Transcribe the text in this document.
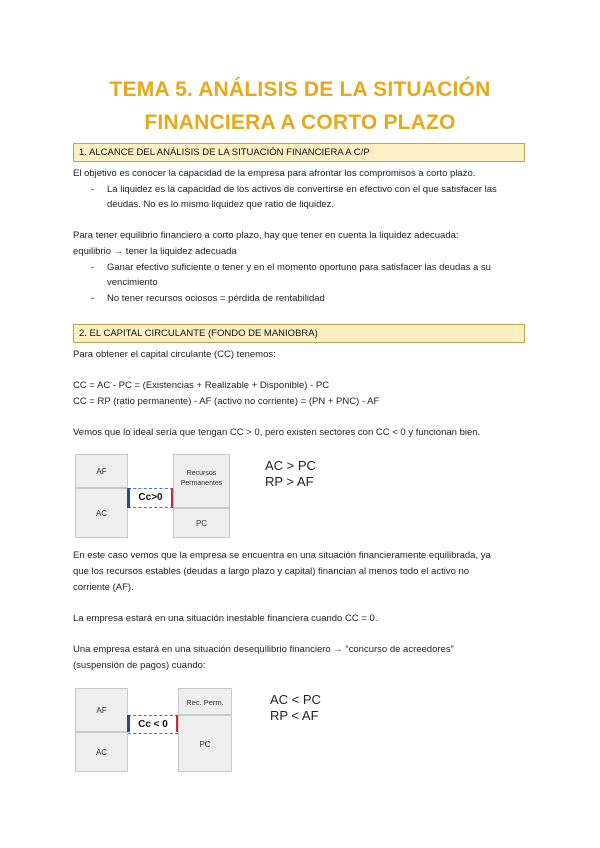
TEMA 5. ANÁLISIS DE LA SITUACIÓN
FINANCIERA A CORTO PLAZO
1. ALCANCE DEL ANÁLISIS DE LA SITUACIÓN FINANCIERA A C/P
El objetivo es conocer la capacidad de la empresa para afrontar los compromisos a corto plazo.
- La liquidez es la capacidad de los activos de convertirse en efectivo con el que satisfacer las
deudas. No es lo mismo liquidez que ratio de liquidez.
Para tener equilibrio financiero a corto plazo, hay que tener en cuenta la liquidez adecuada:
equilibrio → tener la liquidez adecuada
- Ganar efectivo suficiente o tener y en el momento oportuno para satisfacer las deudas a su
vencimiento
- No tener recursos ociosos = pérdida de rentabilidad
2. EL CAPITAL CIRCULANTE (FONDO DE MANIOBRA)
Para obtener el capital circulante (CC) tenemos:
CC = AC - PC = (Existencias + Realizable + Disponible) - PC
CC = RP (ratio permanente) - AF (activo no corriente) = (PN + PNC) - AF
Vemos que lo ideal sería que tengan CC > 0, pero existen sectores con CC < 0 y funcionan bien.
AF
AC
Cc>0
Recursos
Permanentes
PC
AC > PC
RP > AF
En este caso vemos que la empresa se encuentra en una situación financieramente equilibrada, ya
que los recursos estables (deudas a largo plazo y capital) financian al menos todo el activo no
corriente (AF).
La empresa estará en una situación inestable financiera cuando CC = 0.
Una empresa estará en una situación desequilibrio financiero → “concurso de acreedores”
(suspensión de pagos) cuando:
AF
AC
Cc < 0
Rec. Perm.
PC
AC < PC
RP < AF
